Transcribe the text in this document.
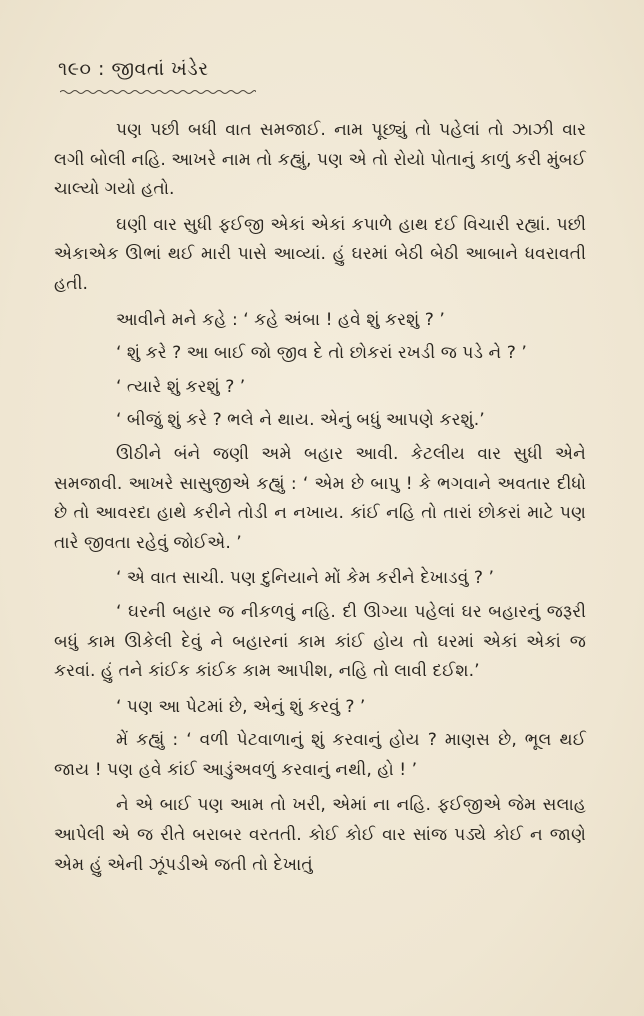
૧૯૦ : જીવતાં ખંડેર

પણ પછી બધી વાત સમજાઈ. નામ પૂછ્યું તો પહેલાં તો ઝાઝી વાર લગી બોલી નહિ. આખરે નામ તો કહ્યું, પણ એ તો રોયો પોતાનું કાળું કરી મુંબઈ ચાલ્યો ગયો હતો.

ઘણી વાર સુધી ફઈજી એકાં એકાં કપાળે હાથ દઈ વિચારી રહ્યાં. પછી એકાએક ઊભાં થઈ મારી પાસે આવ્યાં. હું ઘરમાં બેઠી બેઠી આબાને ધવરાવતી હતી.

આવીને મને કહે : ‘ કહે અંબા ! હવે શું કરશું ? ’

‘ શું કરે ? આ બાઈ જો જીવ દે તો છોકરાં રખડી જ પડે ને ? ’

‘ ત્યારે શું કરશું ? ’

‘ બીજું શું કરે ? ભલે ને થાય. એનું બધું આપણે કરશું.’

ઊઠીને બંને જણી અમે બહાર આવી. કેટલીય વાર સુધી એને સમજાવી. આખરે સાસુજીએ કહ્યું : ‘ એમ છે બાપુ ! કે ભગવાને અવતાર દીધો છે તો આવરદા હાથે કરીને તોડી ન નખાય. કાંઈ નહિ તો તારાં છોકરાં માટે પણ તારે જીવતા રહેવું જોઈએ. ’

‘ એ વાત સાચી. પણ દુનિયાને મોં કેમ કરીને દેખાડવું ? ’

‘ ઘરની બહાર જ નીકળવું નહિ. દી ઊગ્યા પહેલાં ઘર બહારનું જરૂરી બધું કામ ઊકેલી દેવું ને બહારનાં કામ કાંઈ હોય તો ઘરમાં એકાં એકાં જ કરવાં. હું તને કાંઈક કાંઈક કામ આપીશ, નહિ તો લાવી દઈશ.’

‘ પણ આ પેટમાં છે, એનું શું કરવું ? ’

મેં કહ્યું : ‘ વળી પેટવાળાનું શું કરવાનું હોય ? માણસ છે, ભૂલ થઈ જાય ! પણ હવે કાંઈ આડુંઅવળું કરવાનું નથી, હો ! ’

ને એ બાઈ પણ આમ તો ખરી, એમાં ના નહિ. ફઈજીએ જેમ સલાહ આપેલી એ જ રીતે બરાબર વરતતી. કોઈ કોઈ વાર સાંજ પડ્યે કોઈ ન જાણે એમ હું એની ઝૂંપડીએ જતી તો દેખાતું
